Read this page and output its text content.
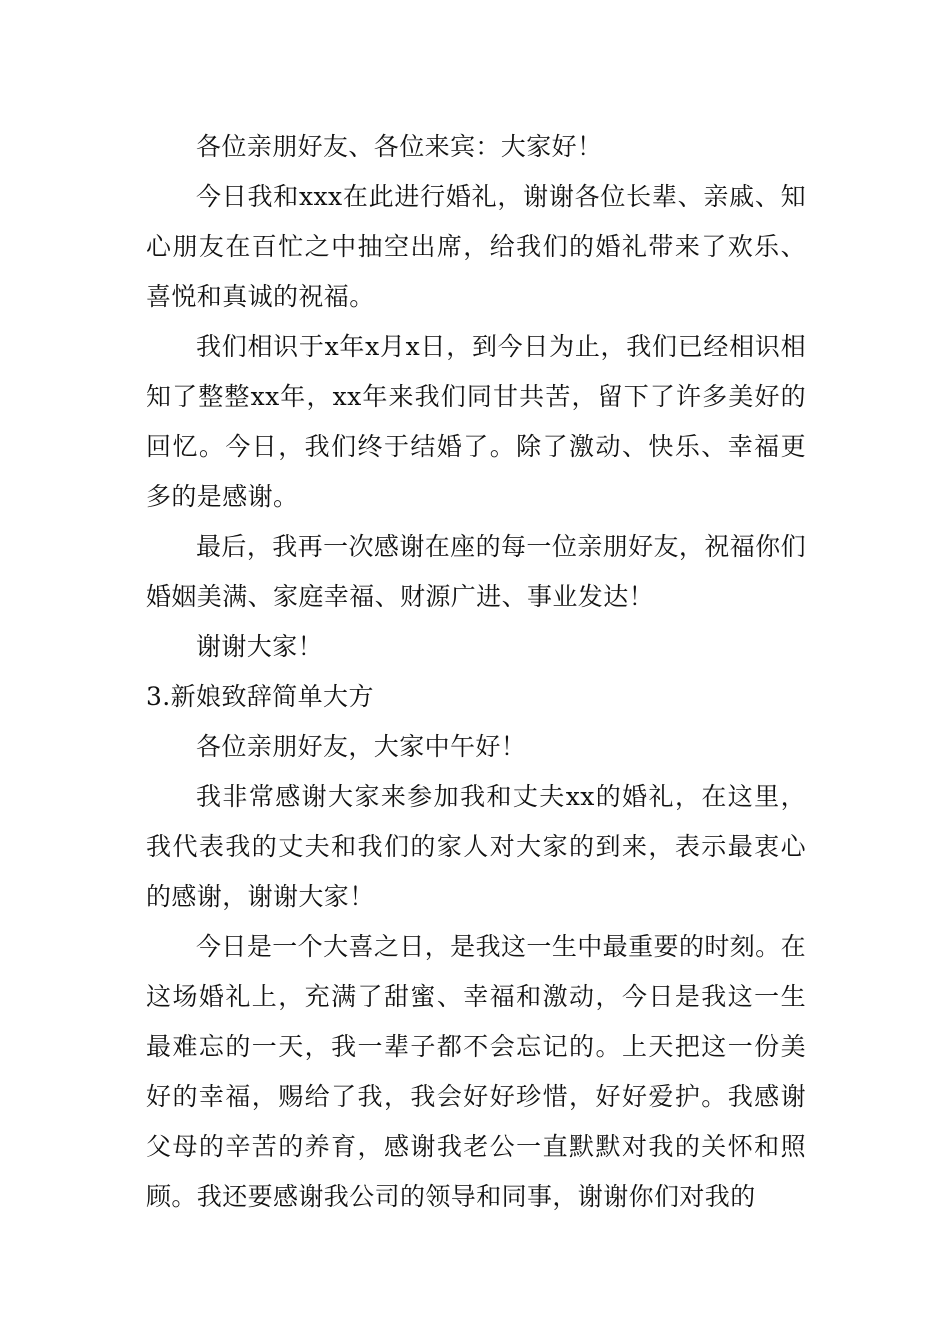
各位亲朋好友、各位来宾：大家好！

今日我和xxx在此进行婚礼，谢谢各位长辈、亲戚、知心朋友在百忙之中抽空出席，给我们的婚礼带来了欢乐、喜悦和真诚的祝福。

我们相识于x年x月x日，到今日为止，我们已经相识相知了整整xx年，xx年来我们同甘共苦，留下了许多美好的回忆。今日，我们终于结婚了。除了激动、快乐、幸福更多的是感谢。

最后，我再一次感谢在座的每一位亲朋好友，祝福你们婚姻美满、家庭幸福、财源广进、事业发达！

谢谢大家！

3.新娘致辞简单大方

各位亲朋好友，大家中午好！

我非常感谢大家来参加我和丈夫xx的婚礼，在这里，我代表我的丈夫和我们的家人对大家的到来，表示最衷心的感谢，谢谢大家！

今日是一个大喜之日，是我这一生中最重要的时刻。在这场婚礼上，充满了甜蜜、幸福和激动，今日是我这一生最难忘的一天，我一辈子都不会忘记的。上天把这一份美好的幸福，赐给了我，我会好好珍惜，好好爱护。我感谢父母的辛苦的养育，感谢我老公一直默默对我的关怀和照顾。我还要感谢我公司的领导和同事，谢谢你们对我的
